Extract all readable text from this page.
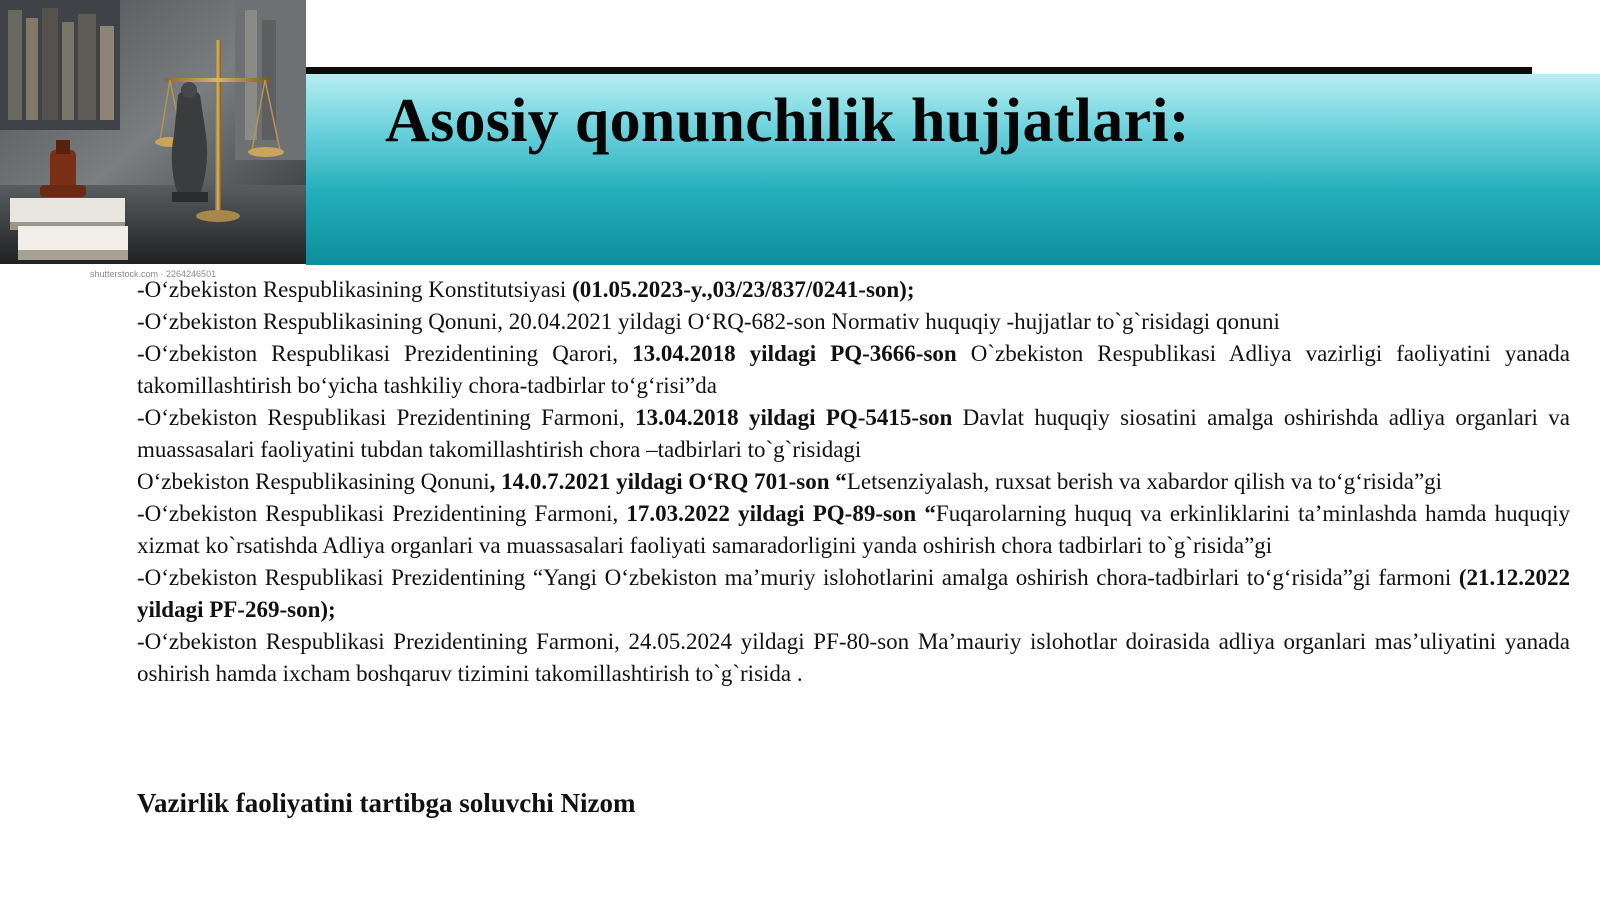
shutterstock.com · 2264246501
Asosiy qonunchilik hujjatlari:

-O‘zbekiston Respublikasining Konstitutsiyasi (01.05.2023-y.,03/23/837/0241-son);

-O‘zbekiston Respublikasining Qonuni, 20.04.2021 yildagi O‘RQ-682-son Normativ huquqiy -hujjatlar to`g`risidagi qonuni

-O‘zbekiston Respublikasi Prezidentining Qarori, 13.04.2018 yildagi PQ-3666-son O`zbekiston Respublikasi Adliya vazirligi faoliyatini yanada takomillashtirish bo‘yicha tashkiliy chora-tadbirlar to‘g‘risi”da

-O‘zbekiston Respublikasi Prezidentining Farmoni, 13.04.2018 yildagi PQ-5415-son Davlat huquqiy siosatini amalga oshirishda adliya organlari va muassasalari faoliyatini tubdan takomillashtirish chora –tadbirlari to`g`risidagi

O‘zbekiston Respublikasining Qonuni, 14.0.7.2021 yildagi O‘RQ 701-son “Letsenziyalash, ruxsat berish va xabardor qilish va to‘g‘risida”gi

-O‘zbekiston Respublikasi Prezidentining Farmoni, 17.03.2022 yildagi PQ-89-son “Fuqarolarning huquq va erkinliklarini ta’minlashda hamda huquqiy xizmat ko`rsatishda Adliya organlari va muassasalari faoliyati samaradorligini yanda oshirish chora tadbirlari to`g`risida”gi

-O‘zbekiston Respublikasi Prezidentining “Yangi O‘zbekiston ma’muriy islohotlarini amalga oshirish chora-tadbirlari to‘g‘risida”gi farmoni (21.12.2022 yildagi PF-269-son);

-O‘zbekiston Respublikasi Prezidentining Farmoni, 24.05.2024 yildagi PF-80-son Ma’mauriy islohotlar doirasida adliya organlari mas’uliyatini yanada oshirish hamda ixcham boshqaruv tizimini takomillashtirish to`g`risida .

Vazirlik faoliyatini tartibga soluvchi Nizom
